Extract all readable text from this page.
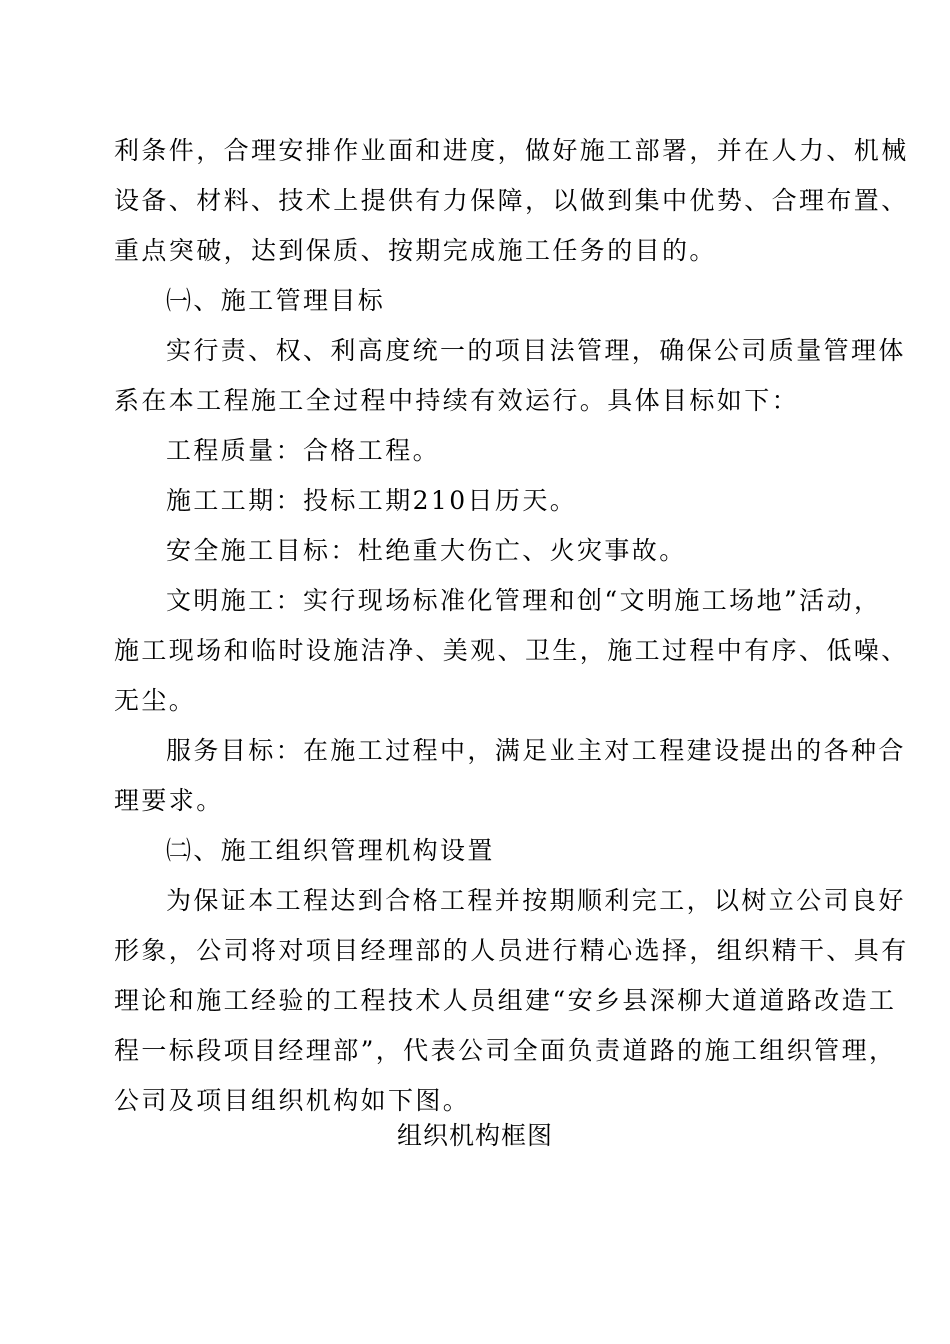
利条件，合理安排作业面和进度，做好施工部署，并在人力、机械
设备、材料、技术上提供有力保障，以做到集中优势、合理布置、
重点突破，达到保质、按期完成施工任务的目的。
㈠、施工管理目标
实行责、权、利高度统一的项目法管理，确保公司质量管理体
系在本工程施工全过程中持续有效运行。具体目标如下：
工程质量：合格工程。
施工工期：投标工期210日历天。
安全施工目标：杜绝重大伤亡、火灾事故。
文明施工：实行现场标准化管理和创“文明施工场地”活动，
施工现场和临时设施洁净、美观、卫生，施工过程中有序、低噪、
无尘。
服务目标：在施工过程中，满足业主对工程建设提出的各种合
理要求。
㈡、施工组织管理机构设置
为保证本工程达到合格工程并按期顺利完工，以树立公司良好
形象，公司将对项目经理部的人员进行精心选择，组织精干、具有
理论和施工经验的工程技术人员组建“安乡县深柳大道道路改造工
程一标段项目经理部”，代表公司全面负责道路的施工组织管理，
公司及项目组织机构如下图。
组织机构框图
